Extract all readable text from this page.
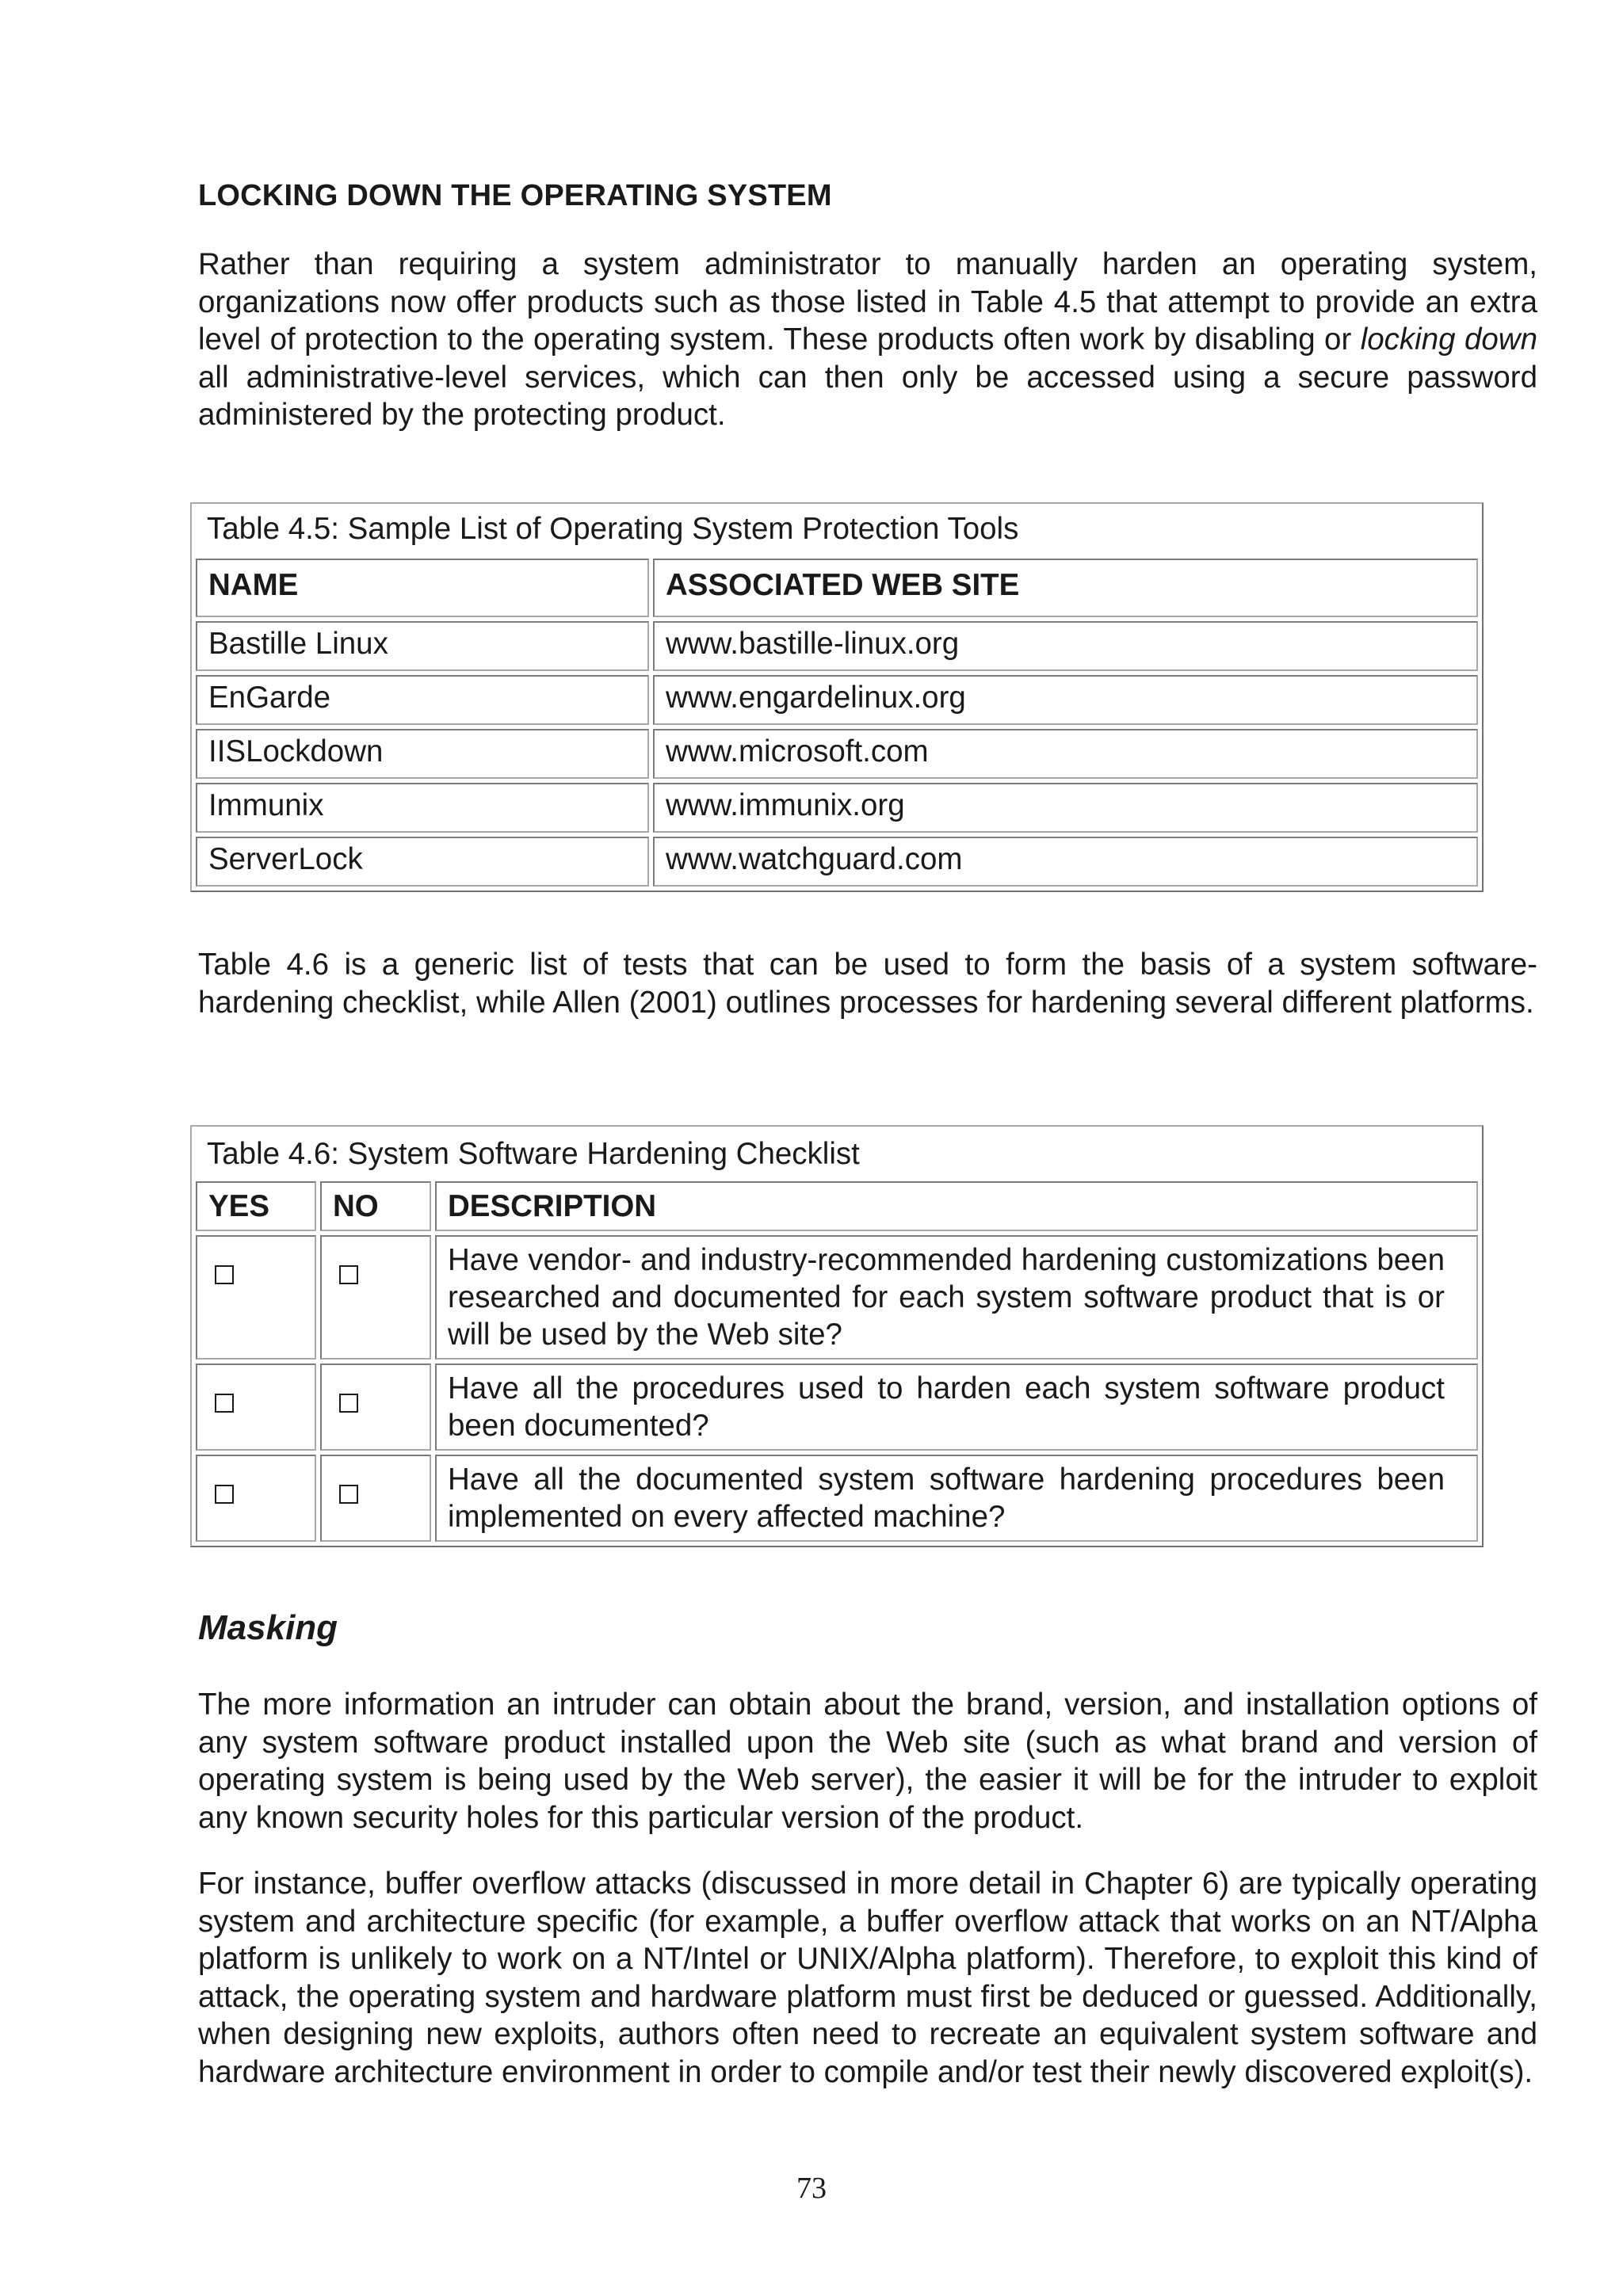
LOCKING DOWN THE OPERATING SYSTEM

Rather than requiring a system administrator to manually harden an operating system, organizations now offer products such as those listed in Table 4.5 that attempt to provide an extra level of protection to the operating system. These products often work by disabling or locking down all administrative-level services, which can then only be accessed using a secure password administered by the protecting product.

Table 4.6 is a generic list of tests that can be used to form the basis of a system software-hardening checklist, while Allen (2001) outlines processes for hardening several different platforms.

Masking

The more information an intruder can obtain about the brand, version, and installation options of any system software product installed upon the Web site (such as what brand and version of operating system is being used by the Web server), the easier it will be for the intruder to exploit any known security holes for this particular version of the product.

For instance, buffer overflow attacks (discussed in more detail in Chapter 6) are typically operating system and architecture specific (for example, a buffer overflow attack that works on an NT/Alpha platform is unlikely to work on a NT/Intel or UNIX/Alpha platform). Therefore, to exploit this kind of attack, the operating system and hardware platform must first be deduced or guessed. Additionally, when designing new exploits, authors often need to recreate an equivalent system software and hardware architecture environment in order to compile and/or test their newly discovered exploit(s).

Table 4.5: Sample List of Operating System Protection Tools	
NAME	ASSOCIATED WEB SITE
Bastille Linux	www.bastille-linux.org
EnGarde	www.engardelinux.org
IISLockdown	www.microsoft.com
Immunix	www.immunix.org
ServerLock	www.watchguard.com
Table 4.6: System Software Hardening Checklist		
YES	NO	DESCRIPTION
		Have vendor- and industry-recommended hardening customizations been researched and documented for each system software product that is or will be used by the Web site?
		Have all the procedures used to harden each system software product been documented?
		Have all the documented system software hardening procedures been implemented on every affected machine?
73
